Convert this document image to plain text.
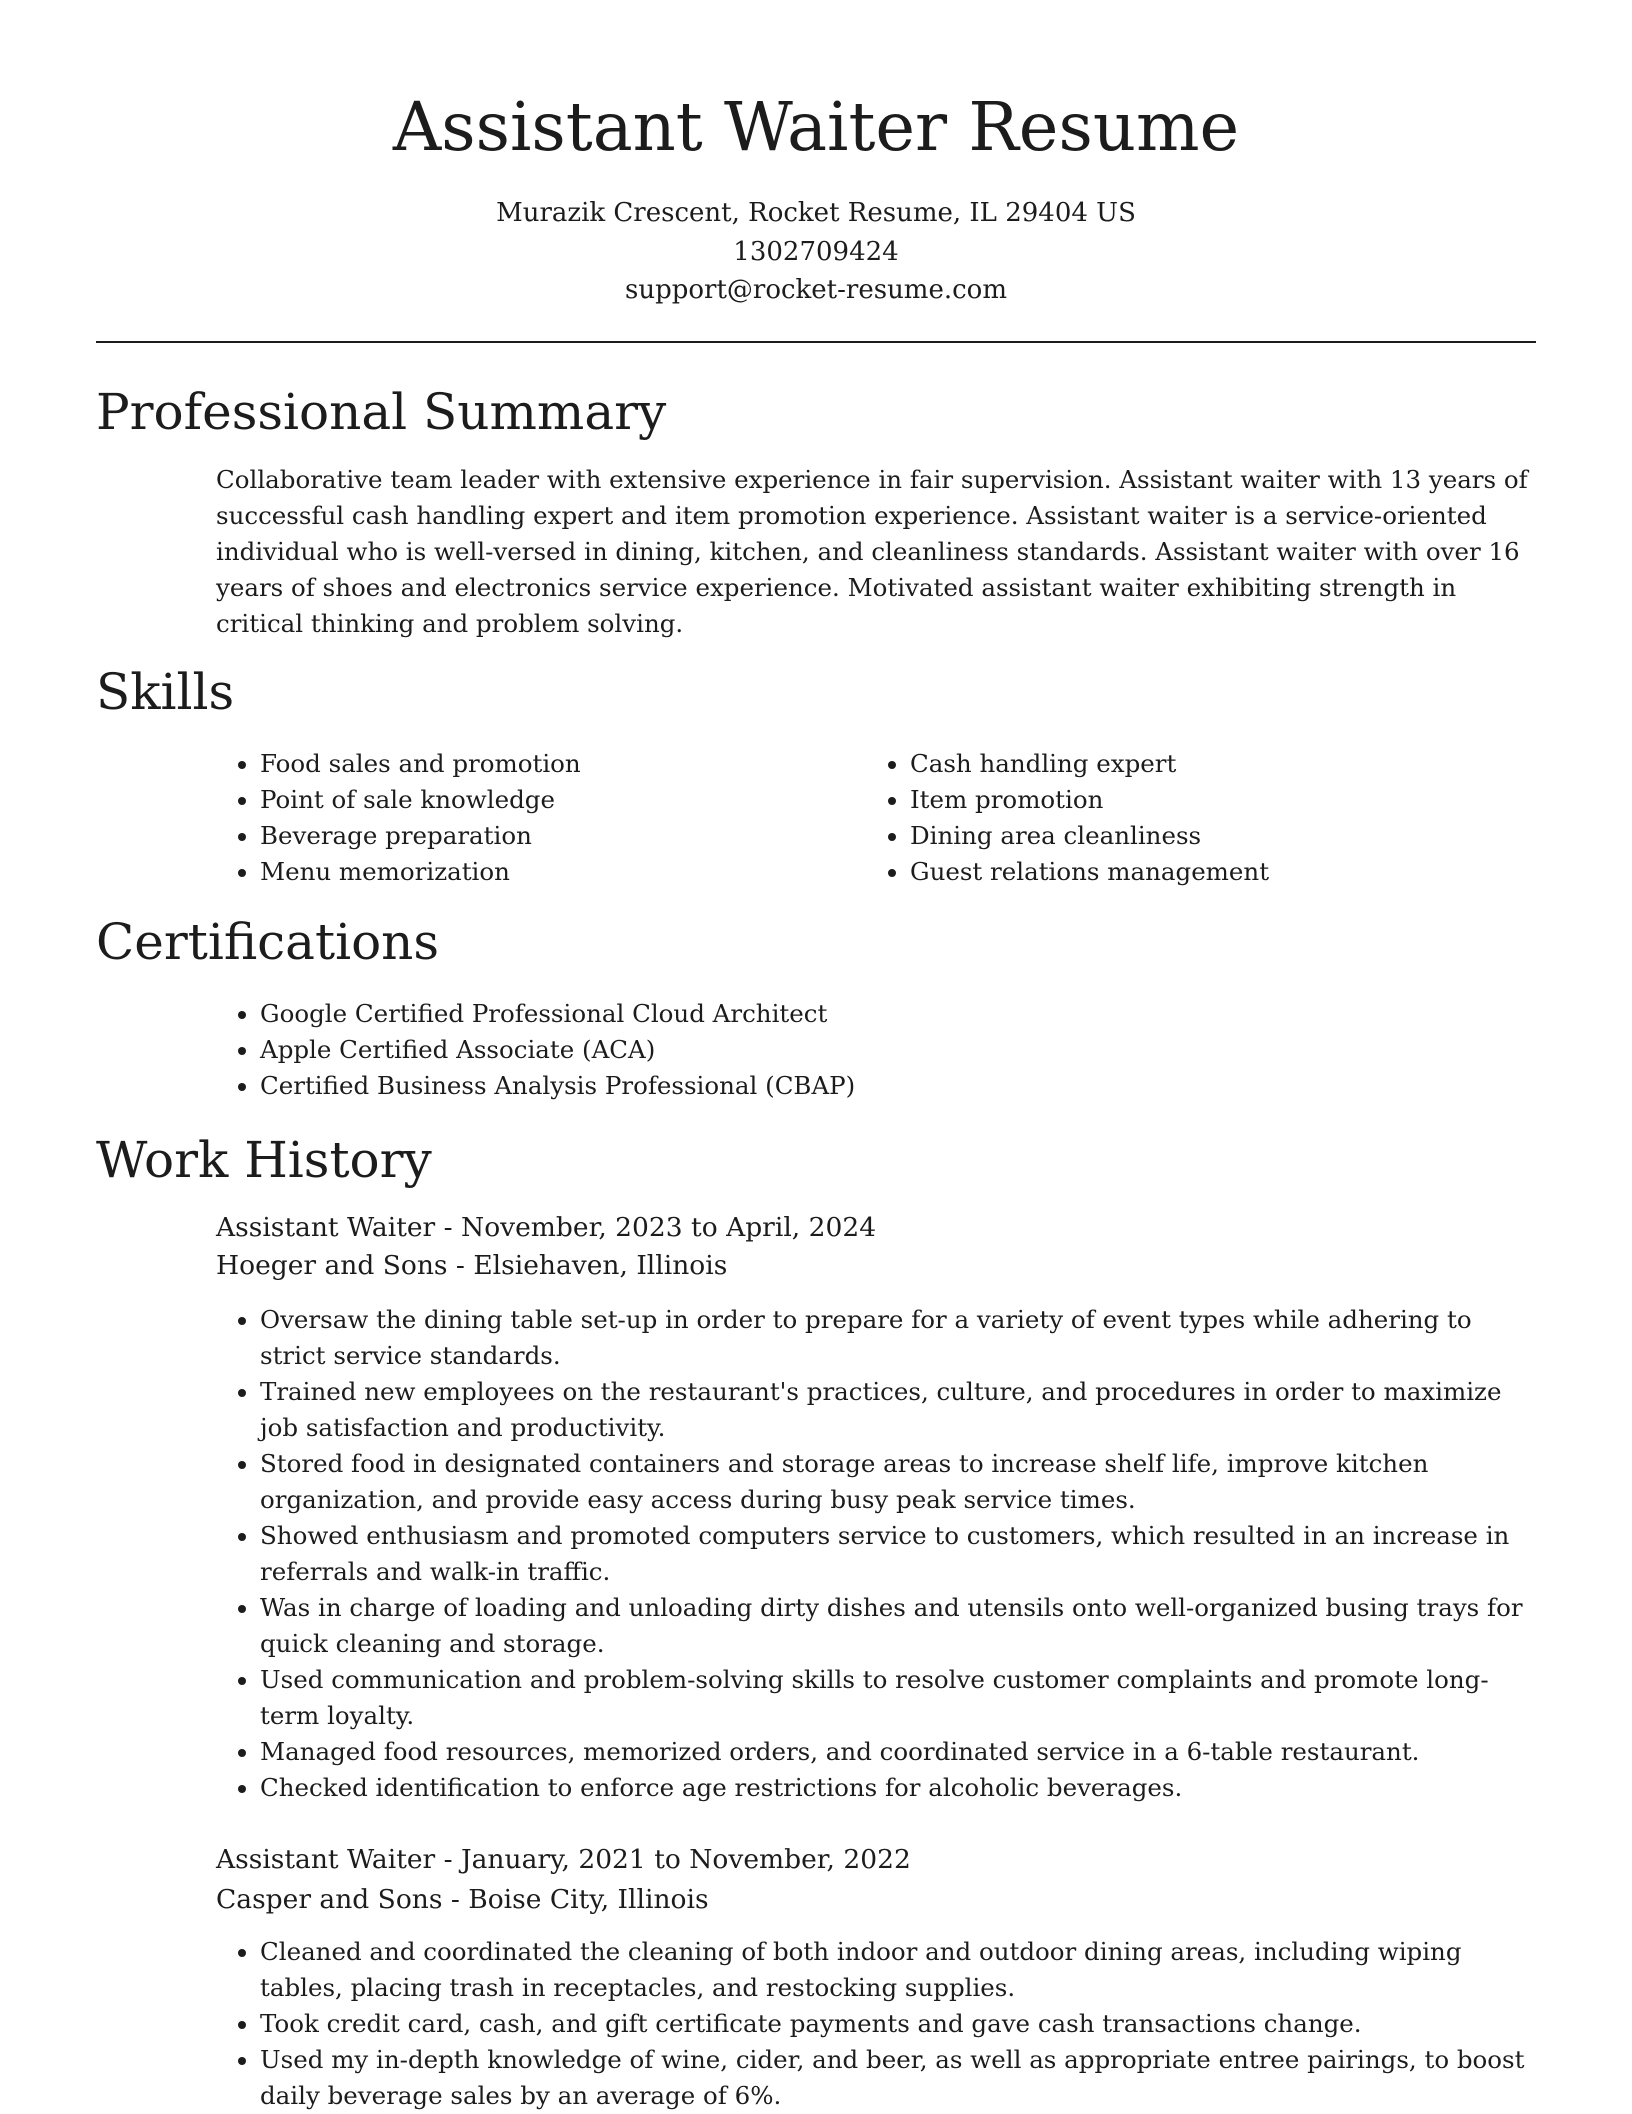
Assistant Waiter Resume
Murazik Crescent, Rocket Resume, IL 29404 US
1302709424
support@rocket-resume.com
Professional Summary
Collaborative team leader with extensive experience in fair supervision. Assistant waiter with 13 years of successful cash handling expert and item promotion experience. Assistant waiter is a service-oriented individual who is well-versed in dining, kitchen, and cleanliness standards. Assistant waiter with over 16 years of shoes and electronics service experience. Motivated assistant waiter exhibiting strength in critical thinking and problem solving.
Skills
• Food sales and promotion
• Point of sale knowledge
• Beverage preparation
• Menu memorization
• Cash handling expert
• Item promotion
• Dining area cleanliness
• Guest relations management
Certifications
• Google Certified Professional Cloud Architect
• Apple Certified Associate (ACA)
• Certified Business Analysis Professional (CBAP)
Work History
Assistant Waiter - November, 2023 to April, 2024
Hoeger and Sons - Elsiehaven, Illinois
• Oversaw the dining table set-up in order to prepare for a variety of event types while adhering to strict service standards.
• Trained new employees on the restaurant's practices, culture, and procedures in order to maximize job satisfaction and productivity.
• Stored food in designated containers and storage areas to increase shelf life, improve kitchen organization, and provide easy access during busy peak service times.
• Showed enthusiasm and promoted computers service to customers, which resulted in an increase in referrals and walk-in traffic.
• Was in charge of loading and unloading dirty dishes and utensils onto well-organized busing trays for quick cleaning and storage.
• Used communication and problem-solving skills to resolve customer complaints and promote long-term loyalty.
• Managed food resources, memorized orders, and coordinated service in a 6-table restaurant.
• Checked identification to enforce age restrictions for alcoholic beverages.
Assistant Waiter - January, 2021 to November, 2022
Casper and Sons - Boise City, Illinois
• Cleaned and coordinated the cleaning of both indoor and outdoor dining areas, including wiping tables, placing trash in receptacles, and restocking supplies.
• Took credit card, cash, and gift certificate payments and gave cash transactions change.
• Used my in-depth knowledge of wine, cider, and beer, as well as appropriate entree pairings, to boost daily beverage sales by an average of 6%.
